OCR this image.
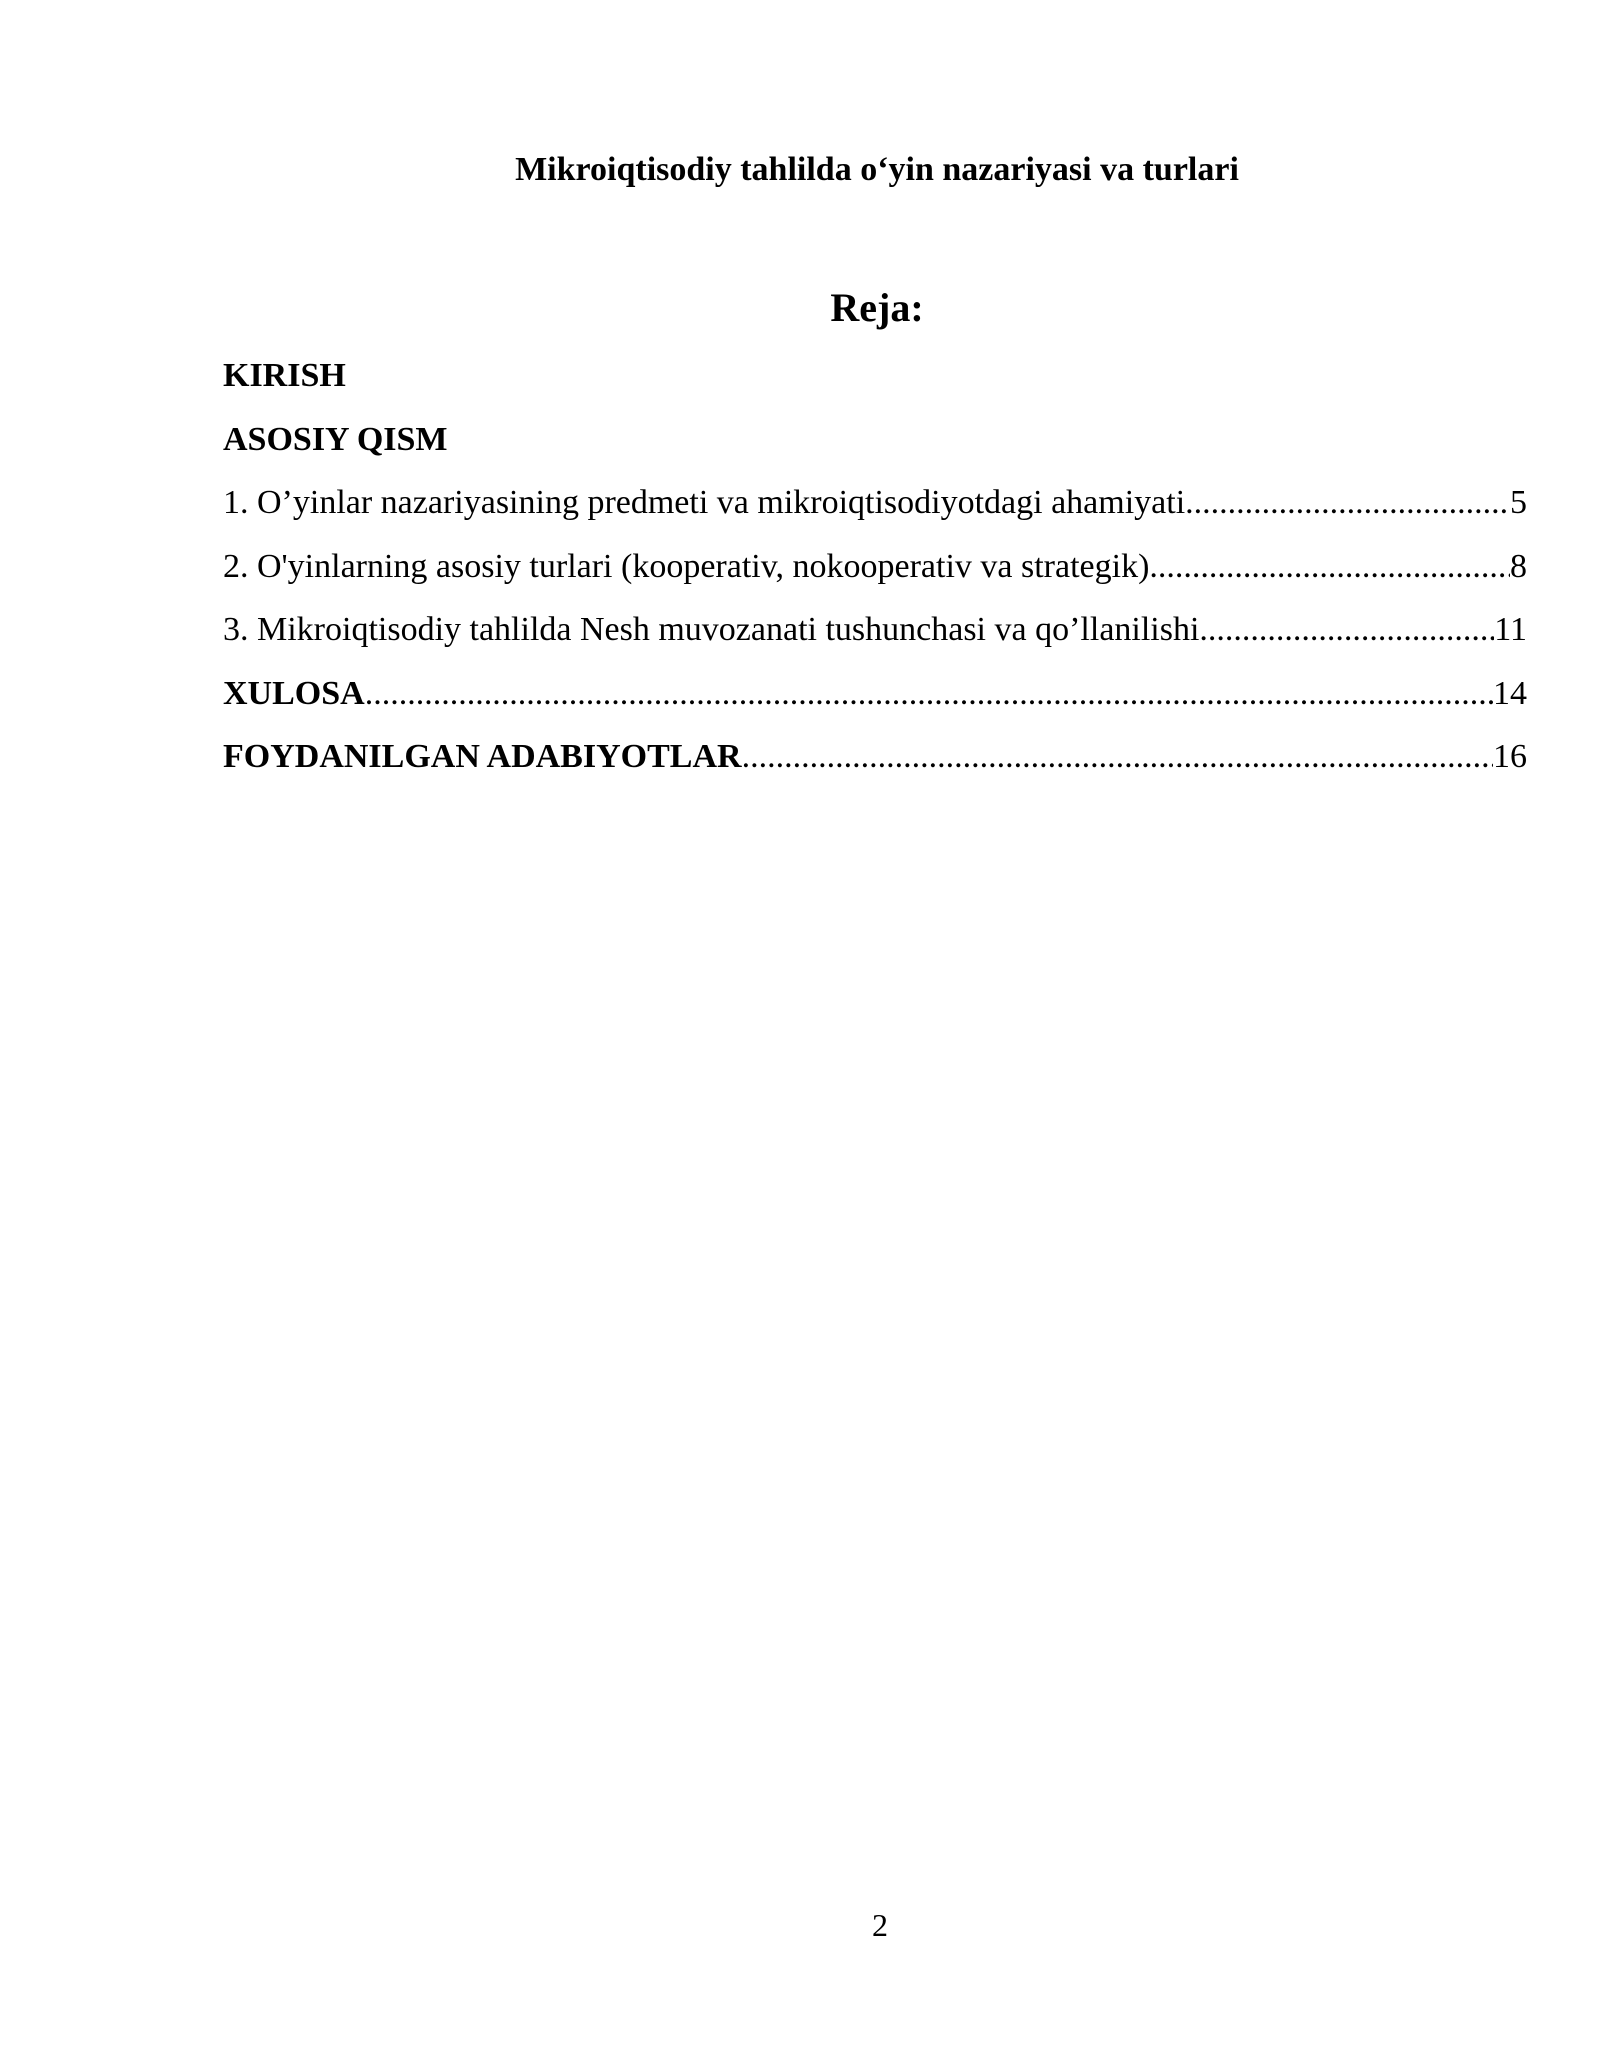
Mikroiqtisodiy tahlilda o‘yin nazariyasi va turlari
Reja:
KIRISH
ASOSIY QISM
1. O’yinlar nazariyasining predmeti va mikroiqtisodiyotdagi ahamiyati .....	5
2. O'yinlarning asosiy turlari (kooperativ, nokooperativ va strategik) .....	8
3. Mikroiqtisodiy tahlilda Nesh muvozanati tushunchasi va qo’llanilishi .....	11
XULOSA .....	14
FOYDANILGAN ADABIYOTLAR .....	16
2
